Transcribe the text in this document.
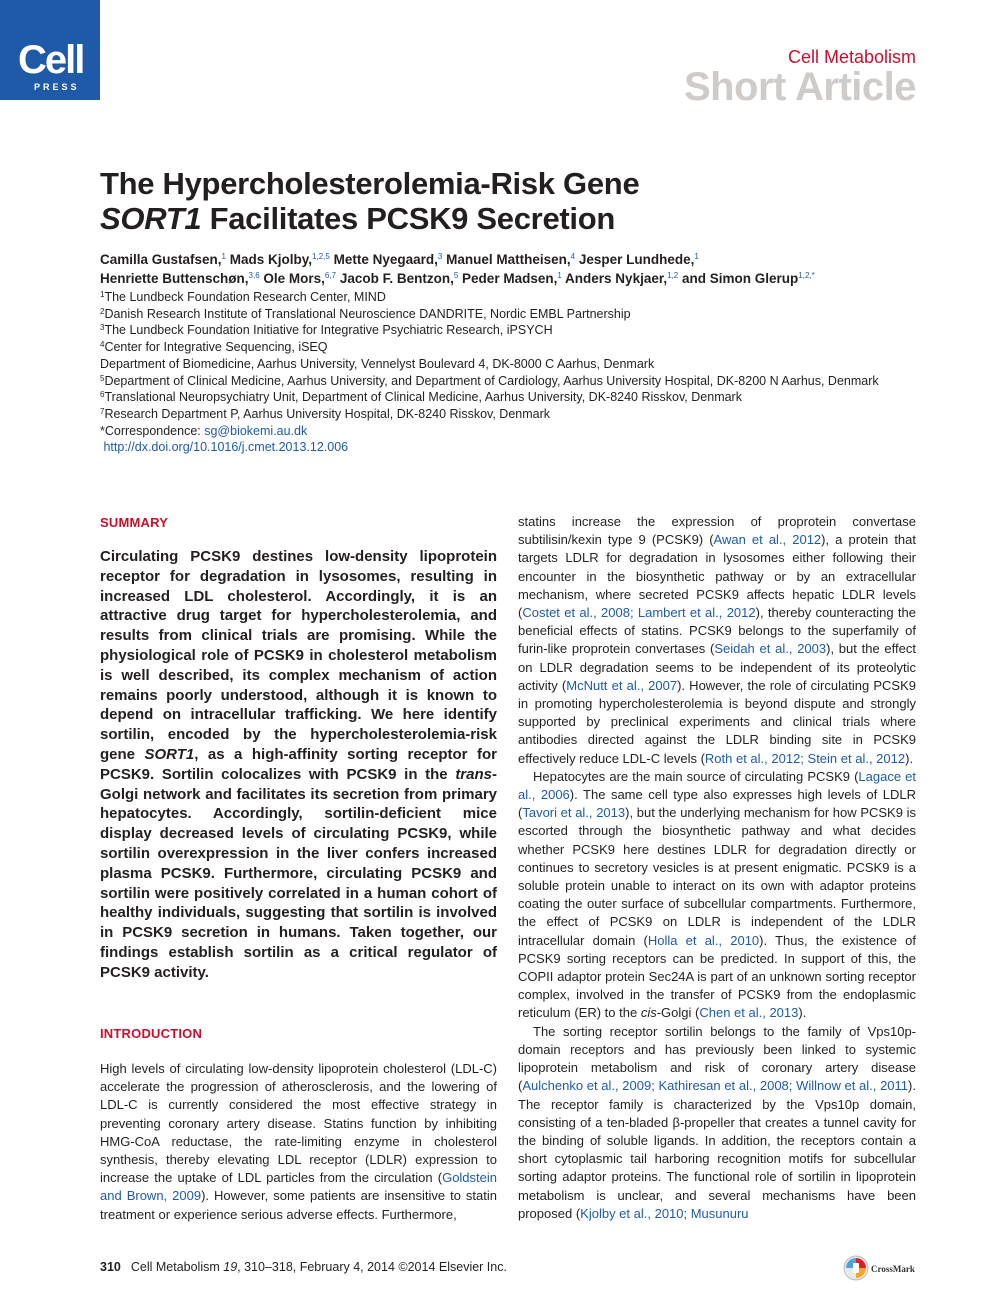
Cell
PRESS
Cell Metabolism
Short Article
The Hypercholesterolemia-Risk Gene
SORT1 Facilitates PCSK9 Secretion
Camilla Gustafsen,$^1$ Mads Kjolby,$^{1,2,5}$ Mette Nyegaard,$^3$ Manuel Mattheisen,$^4$ Jesper Lundhede,$^1$
Henriette Buttenschøn,$^{3,6}$ Ole Mors,$^{6,7}$ Jacob F. Bentzon,$^5$ Peder Madsen,$^1$ Anders Nykjaer,$^{1,2}$ and Simon Glerup$^{1,2,*}$
$^1$The Lundbeck Foundation Research Center, MIND
$^2$Danish Research Institute of Translational Neuroscience DANDRITE, Nordic EMBL Partnership
$^3$The Lundbeck Foundation Initiative for Integrative Psychiatric Research, iPSYCH
$^4$Center for Integrative Sequencing, iSEQ
Department of Biomedicine, Aarhus University, Vennelyst Boulevard 4, DK-8000 C Aarhus, Denmark
$^5$Department of Clinical Medicine, Aarhus University, and Department of Cardiology, Aarhus University Hospital, DK-8200 N Aarhus, Denmark
$^6$Translational Neuropsychiatry Unit, Department of Clinical Medicine, Aarhus University, DK-8240 Risskov, Denmark
$^7$Research Department P, Aarhus University Hospital, DK-8240 Risskov, Denmark
*Correspondence: sg@biokemi.au.dk
http://dx.doi.org/10.1016/j.cmet.2013.12.006
SUMMARY
Circulating PCSK9 destines low-density lipoprotein receptor for degradation in lysosomes, resulting in increased LDL cholesterol. Accordingly, it is an attractive drug target for hypercholesterolemia, and results from clinical trials are promising. While the physiological role of PCSK9 in cholesterol metabolism is well described, its complex mechanism of action remains poorly understood, although it is known to depend on intracellular trafficking. We here identify sortilin, encoded by the hypercholesterolemia-risk gene SORT1, as a high-affinity sorting receptor for PCSK9. Sortilin colocalizes with PCSK9 in the trans-Golgi network and facilitates its secretion from primary hepatocytes. Accordingly, sortilin-deficient mice display decreased levels of circulating PCSK9, while sortilin overexpression in the liver confers increased plasma PCSK9. Furthermore, circulating PCSK9 and sortilin were positively correlated in a human cohort of healthy individuals, suggesting that sortilin is involved in PCSK9 secretion in humans. Taken together, our findings establish sortilin as a critical regulator of PCSK9 activity.
INTRODUCTION
High levels of circulating low-density lipoprotein cholesterol (LDL-C) accelerate the progression of atherosclerosis, and the lowering of LDL-C is currently considered the most effective strategy in preventing coronary artery disease. Statins function by inhibiting HMG-CoA reductase, the rate-limiting enzyme in cholesterol synthesis, thereby elevating LDL receptor (LDLR) expression to increase the uptake of LDL particles from the circulation (Goldstein and Brown, 2009). However, some patients are insensitive to statin treatment or experience serious adverse effects. Furthermore,

statins increase the expression of proprotein convertase subtilisin/kexin type 9 (PCSK9) (Awan et al., 2012), a protein that targets LDLR for degradation in lysosomes either following their encounter in the biosynthetic pathway or by an extracellular mechanism, where secreted PCSK9 affects hepatic LDLR levels (Costet et al., 2008; Lambert et al., 2012), thereby counteracting the beneficial effects of statins. PCSK9 belongs to the superfamily of furin-like proprotein convertases (Seidah et al., 2003), but the effect on LDLR degradation seems to be independent of its proteolytic activity (McNutt et al., 2007). However, the role of circulating PCSK9 in promoting hypercholesterolemia is beyond dispute and strongly supported by preclinical experiments and clinical trials where antibodies directed against the LDLR binding site in PCSK9 effectively reduce LDL-C levels (Roth et al., 2012; Stein et al., 2012).

Hepatocytes are the main source of circulating PCSK9 (Lagace et al., 2006). The same cell type also expresses high levels of LDLR (Tavori et al., 2013), but the underlying mechanism for how PCSK9 is escorted through the biosynthetic pathway and what decides whether PCSK9 here destines LDLR for degradation directly or continues to secretory vesicles is at present enigmatic. PCSK9 is a soluble protein unable to interact on its own with adaptor proteins coating the outer surface of subcellular compartments. Furthermore, the effect of PCSK9 on LDLR is independent of the LDLR intracellular domain (Holla et al., 2010). Thus, the existence of PCSK9 sorting receptors can be predicted. In support of this, the COPII adaptor protein Sec24A is part of an unknown sorting receptor complex, involved in the transfer of PCSK9 from the endoplasmic reticulum (ER) to the cis-Golgi (Chen et al., 2013).

The sorting receptor sortilin belongs to the family of Vps10p-domain receptors and has previously been linked to systemic lipoprotein metabolism and risk of coronary artery disease (Aulchenko et al., 2009; Kathiresan et al., 2008; Willnow et al., 2011). The receptor family is characterized by the Vps10p domain, consisting of a ten-bladed β-propeller that creates a tunnel cavity for the binding of soluble ligands. In addition, the receptors contain a short cytoplasmic tail harboring recognition motifs for subcellular sorting adaptor proteins. The functional role of sortilin in lipoprotein metabolism is unclear, and several mechanisms have been proposed (Kjolby et al., 2010; Musunuru

310 Cell Metabolism 19, 310–318, February 4, 2014 ©2014 Elsevier Inc.	CrossMark
